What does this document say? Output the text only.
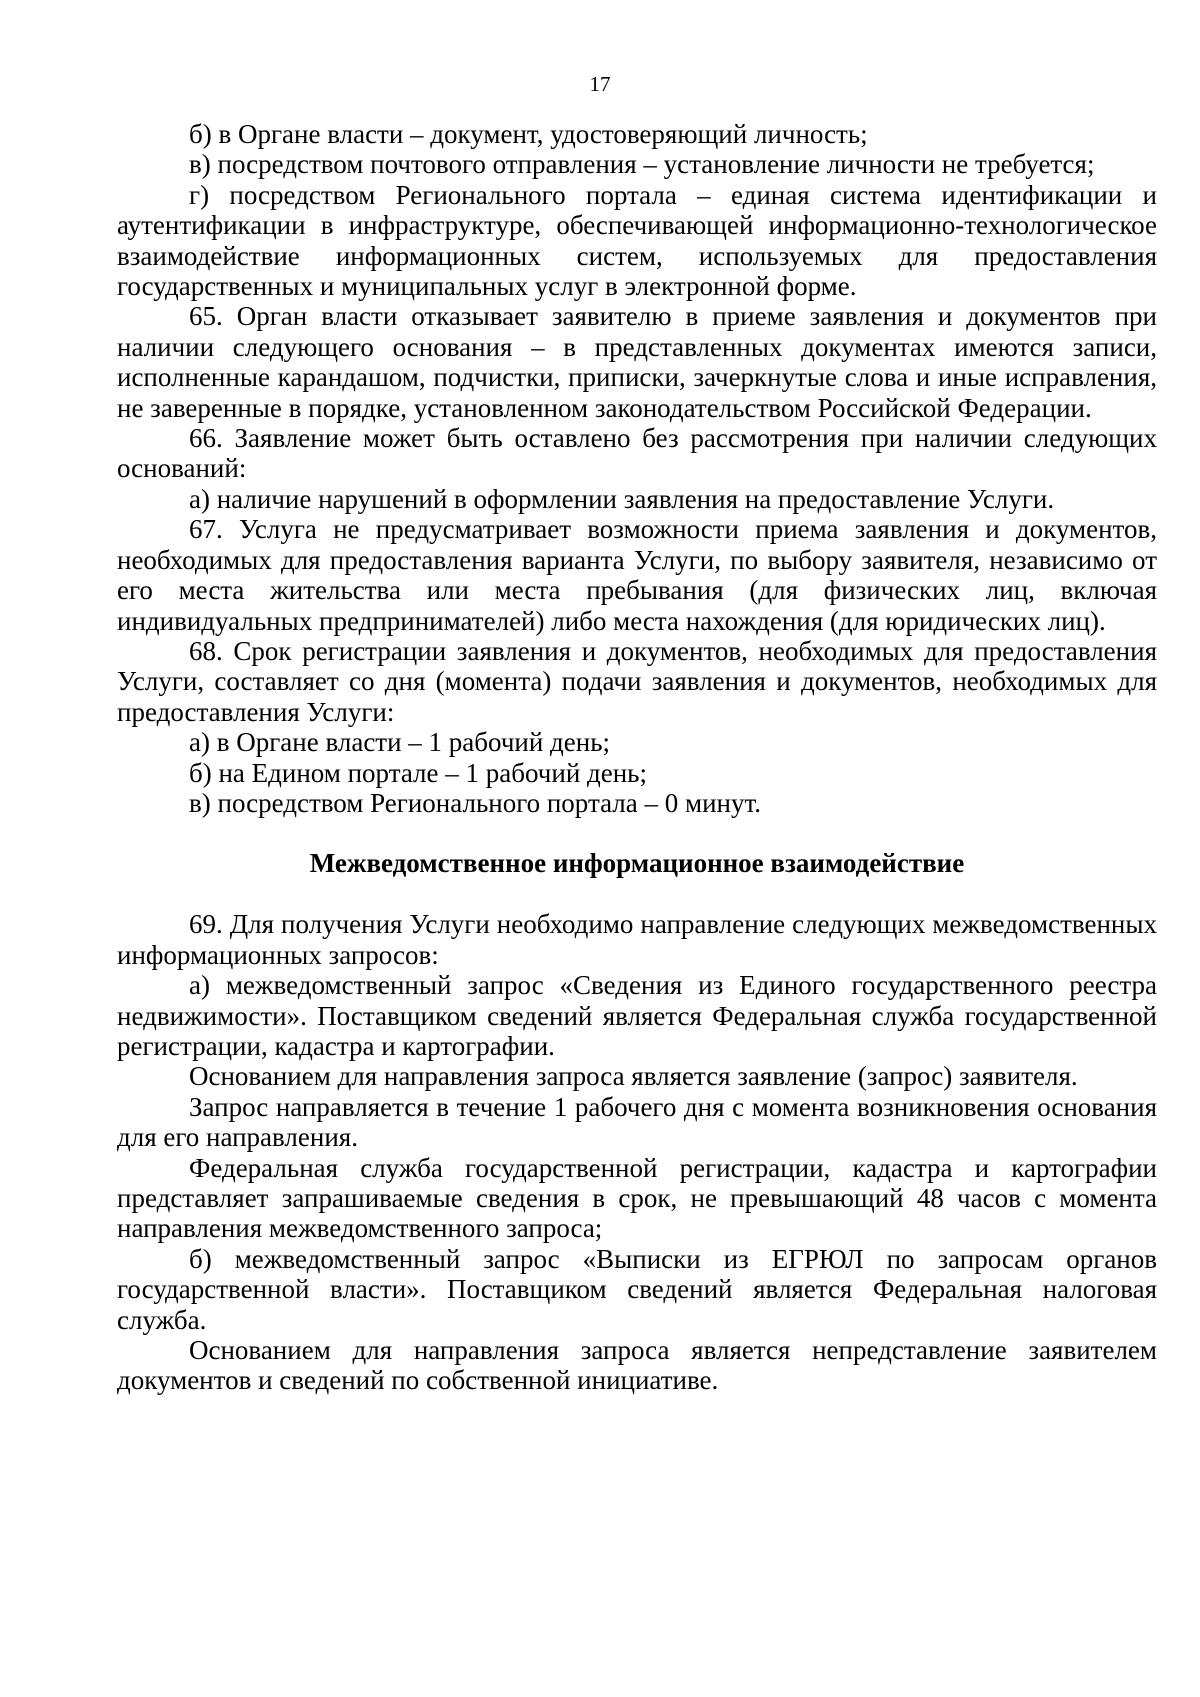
17

б) в Органе власти – документ, удостоверяющий личность;

в) посредством почтового отправления – установление личности не требуется;

г) посредством Регионального портала – единая система идентификации и аутентификации в инфраструктуре, обеспечивающей информационно-технологическое взаимодействие информационных систем, используемых для предоставления государственных и муниципальных услуг в электронной форме.

65. Орган власти отказывает заявителю в приеме заявления и документов при наличии следующего основания – в представленных документах имеются записи, исполненные карандашом, подчистки, приписки, зачеркнутые слова и иные исправления, не заверенные в порядке, установленном законодательством Российской Федерации.

66. Заявление может быть оставлено без рассмотрения при наличии следующих оснований:

а) наличие нарушений в оформлении заявления на предоставление Услуги.

67. Услуга не предусматривает возможности приема заявления и документов, необходимых для предоставления варианта Услуги, по выбору заявителя, независимо от его места жительства или места пребывания (для физических лиц, включая индивидуальных предпринимателей) либо места нахождения (для юридических лиц).

68. Срок регистрации заявления и документов, необходимых для предоставления Услуги, составляет со дня (момента) подачи заявления и документов, необходимых для предоставления Услуги:

а) в Органе власти – 1 рабочий день;

б) на Едином портале – 1 рабочий день;

в) посредством Регионального портала – 0 минут.

Межведомственное информационное взаимодействие

69. Для получения Услуги необходимо направление следующих межведомственных информационных запросов:

а) межведомственный запрос «Сведения из Единого государственного реестра недвижимости». Поставщиком сведений является Федеральная служба государственной регистрации, кадастра и картографии.

Основанием для направления запроса является заявление (запрос) заявителя.

Запрос направляется в течение 1 рабочего дня с момента возникновения основания для его направления.

Федеральная служба государственной регистрации, кадастра и картографии представляет запрашиваемые сведения в срок, не превышающий 48 часов с момента направления межведомственного запроса;

б) межведомственный запрос «Выписки из ЕГРЮЛ по запросам органов государственной власти». Поставщиком сведений является Федеральная налоговая служба.

Основанием для направления запроса является непредставление заявителем документов и сведений по собственной инициативе.
